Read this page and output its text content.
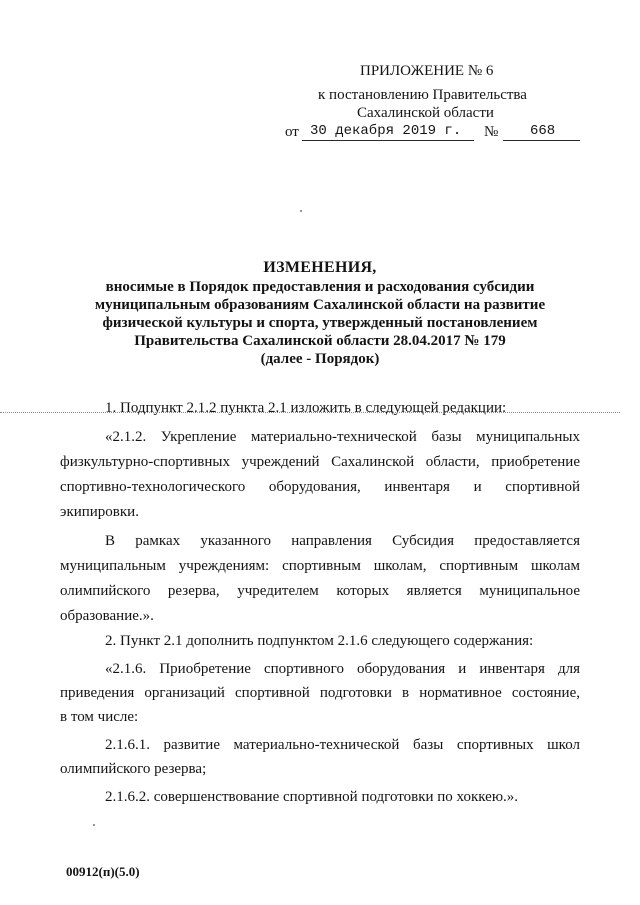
ПРИЛОЖЕНИЕ № 6
к постановлению Правительства
Сахалинской области
от 30 декабря 2019 г. № 668
ИЗМЕНЕНИЯ,
вносимые в Порядок предоставления и расходования субсидии
муниципальным образованиям Сахалинской области на развитие
физической культуры и спорта, утвержденный постановлением
Правительства Сахалинской области 28.04.2017 № 179
(далее - Порядок)
1. Подпункт 2.1.2 пункта 2.1 изложить в следующей редакции:
«2.1.2. Укрепление материально-технической базы муниципальных
физкультурно-спортивных учреждений Сахалинской области, приобретение
спортивно-технологического оборудования, инвентаря и спортивной
экипировки.
В рамках указанного направления Субсидия предоставляется
муниципальным учреждениям: спортивным школам, спортивным школам
олимпийского резерва, учредителем которых является муниципальное
образование.».
2. Пункт 2.1 дополнить подпунктом 2.1.6 следующего содержания:
«2.1.6. Приобретение спортивного оборудования и инвентаря для
приведения организаций спортивной подготовки в нормативное состояние,
в том числе:
2.1.6.1. развитие материально-технической базы спортивных школ
олимпийского резерва;
2.1.6.2. совершенствование спортивной подготовки по хоккею.».
00912(п)(5.0)
